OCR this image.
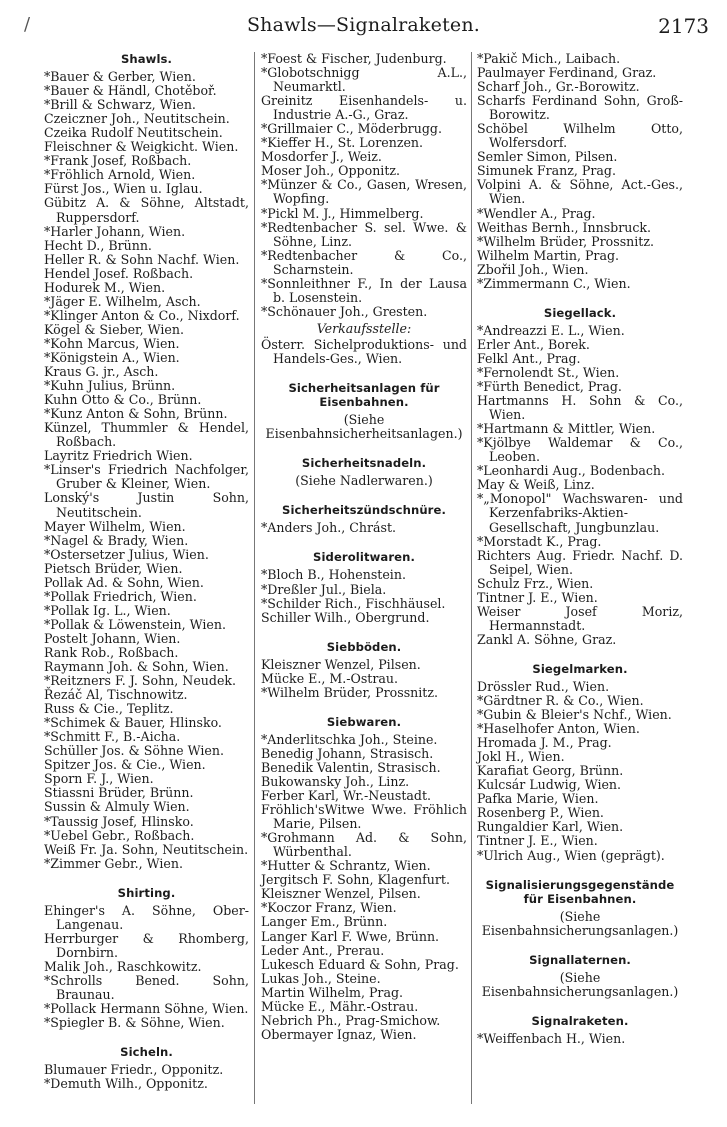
/	Shawls—Signalraketen.	2173
Shawls.
*Bauer & Gerber, Wien.
*Bauer & Händl, Chotěboř.
*Brill & Schwarz, Wien.
Czeiczner Joh., Neutitschein.
Czeika Rudolf Neutitschein.
Fleischner & Weigkicht. Wien.
*Frank Josef, Roßbach.
*Fröhlich Arnold, Wien.
Fürst Jos., Wien u. Iglau.
Gübitz A. & Söhne, Altstadt, Ruppersdorf.
*Harler Johann, Wien.
Hecht D., Brünn.
Heller R. & Sohn Nachf. Wien.
Hendel Josef. Roßbach.
Hodurek M., Wien.
*Jäger E. Wilhelm, Asch.
*Klinger Anton & Co., Nixdorf.
Kögel & Sieber, Wien.
*Kohn Marcus, Wien.
*Königstein A., Wien.
Kraus G. jr., Asch.
*Kuhn Julius, Brünn.
Kuhn Otto & Co., Brünn.
*Kunz Anton & Sohn, Brünn.
Künzel, Thummler & Hendel, Roßbach.
Layritz Friedrich Wien.
*Linser's Friedrich Nachfolger, Gruber & Kleiner, Wien.
Lonský's Justin Sohn, Neutitschein.
Mayer Wilhelm, Wien.
*Nagel & Brady, Wien.
*Ostersetzer Julius, Wien.
Pietsch Brüder, Wien.
Pollak Ad. & Sohn, Wien.
*Pollak Friedrich, Wien.
*Pollak Ig. L., Wien.
*Pollak & Löwenstein, Wien.
Postelt Johann, Wien.
Rank Rob., Roßbach.
Raymann Joh. & Sohn, Wien.
*Reitzners F. J. Sohn, Neudek.
Řezáč Al, Tischnowitz.
Russ & Cie., Teplitz.
*Schimek & Bauer, Hlinsko.
*Schmitt F., B.-Aicha.
Schüller Jos. & Söhne Wien.
Spitzer Jos. & Cie., Wien.
Sporn F. J., Wien.
Stiassni Brüder, Brünn.
Sussin & Almuly Wien.
*Taussig Josef, Hlinsko.
*Uebel Gebr., Roßbach.
Weiß Fr. Ja. Sohn, Neutitschein.
*Zimmer Gebr., Wien.
Shirting.
Ehinger's A. Söhne, Ober-Langenau.
Herrburger & Rhomberg, Dornbirn.
Malik Joh., Raschkowitz.
*Schrolls Bened. Sohn, Braunau.
*Pollack Hermann Söhne, Wien.
*Spiegler B. & Söhne, Wien.
Sicheln.
Blumauer Friedr., Opponitz.
*Demuth Wilh., Opponitz.
*Foest & Fischer, Judenburg.
*Globotschnigg A.L., Neumarktl.
Greinitz Eisenhandels- u. Industrie A.-G., Graz.
*Grillmaier C., Möderbrugg.
*Kieffer H., St. Lorenzen.
Mosdorfer J., Weiz.
Moser Joh., Opponitz.
*Münzer & Co., Gasen, Wresen, Wopfing.
*Pickl M. J., Himmelberg.
*Redtenbacher S. sel. Wwe. & Söhne, Linz.
*Redtenbacher & Co., Scharnstein.
*Sonnleithner F., In der Lausa b. Losenstein.
*Schönauer Joh., Gresten.
Verkaufsstelle:
Österr. Sichelproduktions- und Handels-Ges., Wien.
Sicherheitsanlagen für Eisenbahnen.
(Siehe Eisenbahnsicherheitsanlagen.)
Sicherheitsnadeln.
(Siehe Nadlerwaren.)
Sicherheitszündschnüre.
*Anders Joh., Chrást.
Siderolitwaren.
*Bloch B., Hohenstein.
*Dreßler Jul., Biela.
*Schilder Rich., Fischhäusel.
Schiller Wilh., Obergrund.
Siebböden.
Kleiszner Wenzel, Pilsen.
Mücke E., M.-Ostrau.
*Wilhelm Brüder, Prossnitz.
Siebwaren.
*Anderlitschka Joh., Steine.
Benedig Johann, Strasisch.
Benedik Valentin, Strasisch.
Bukowansky Joh., Linz.
Ferber Karl, Wr.-Neustadt.
Fröhlich'sWitwe Wwe. Fröhlich Marie, Pilsen.
*Grohmann Ad. & Sohn, Würbenthal.
*Hutter & Schrantz, Wien.
Jergitsch F. Sohn, Klagenfurt.
Kleiszner Wenzel, Pilsen.
*Koczor Franz, Wien.
Langer Em., Brünn.
Langer Karl F. Wwe, Brünn.
Leder Ant., Prerau.
Lukesch Eduard & Sohn, Prag.
Lukas Joh., Steine.
Martin Wilhelm, Prag.
Mücke E., Mähr.-Ostrau.
Nebrich Ph., Prag-Smichow.
Obermayer Ignaz, Wien.
*Pakič Mich., Laibach.
Paulmayer Ferdinand, Graz.
Scharf Joh., Gr.-Borowitz.
Scharfs Ferdinand Sohn, Groß-Borowitz.
Schöbel Wilhelm Otto, Wolfersdorf.
Semler Simon, Pilsen.
Simunek Franz, Prag.
Volpini A. & Söhne, Act.-Ges., Wien.
*Wendler A., Prag.
Weithas Bernh., Innsbruck.
*Wilhelm Brüder, Prossnitz.
Wilhelm Martin, Prag.
Zbořil Joh., Wien.
*Zimmermann C., Wien.
Siegellack.
*Andreazzi E. L., Wien.
Erler Ant., Borek.
Felkl Ant., Prag.
*Fernolendt St., Wien.
*Fürth Benedict, Prag.
Hartmanns H. Sohn & Co., Wien.
*Hartmann & Mittler, Wien.
*Kjölbye Waldemar & Co., Leoben.
*Leonhardi Aug., Bodenbach.
May & Weiß, Linz.
*„Monopol" Wachswaren- und Kerzenfabriks-Aktien-Gesellschaft, Jungbunzlau.
*Morstadt K., Prag.
Richters Aug. Friedr. Nachf. D. Seipel, Wien.
Schulz Frz., Wien.
Tintner J. E., Wien.
Weiser Josef Moriz, Hermannstadt.
Zankl A. Söhne, Graz.
Siegelmarken.
Drössler Rud., Wien.
*Gärdtner R. & Co., Wien.
*Gubin & Bleier's Nchf., Wien.
*Haselhofer Anton, Wien.
Hromada J. M., Prag.
Jokl H., Wien.
Karafiat Georg, Brünn.
Kulcsár Ludwig, Wien.
Pafka Marie, Wien.
Rosenberg P., Wien.
Rungaldier Karl, Wien.
Tintner J. E., Wien.
*Ulrich Aug., Wien (geprägt).
Signalisierungsgegenstände für Eisenbahnen.
(Siehe Eisenbahnsicherungsanlagen.)
Signallaternen.
(Siehe Eisenbahnsicherungsanlagen.)
Signalraketen.
*Weiffenbach H., Wien.
